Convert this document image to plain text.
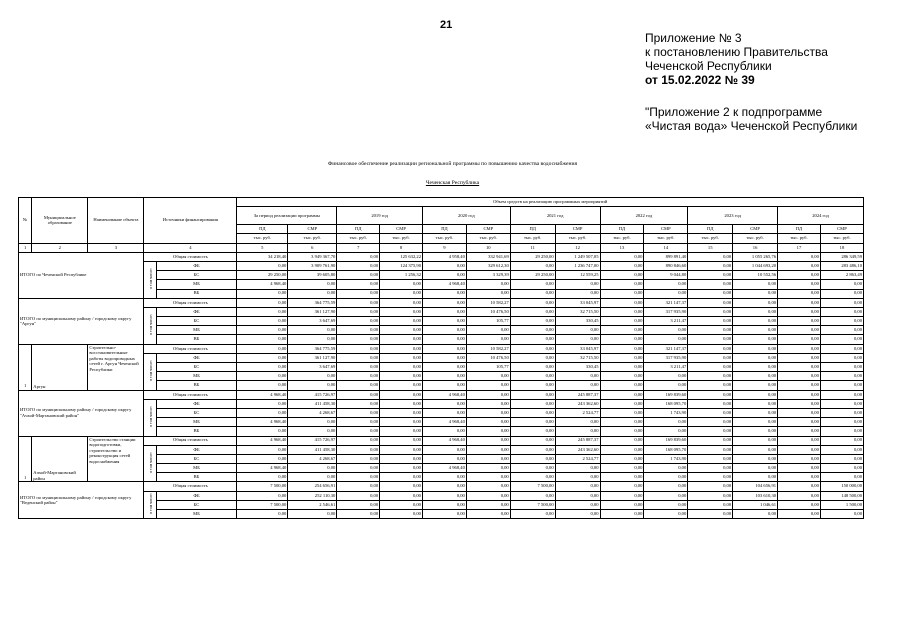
21
Приложение № 3
к постановлению Правительства
Чеченской Республики
от 15.02.2022 № 39
"Приложение 2 к подпрограмме
«Чистая вода» Чеченской Республики
Финансовое обеспечение реализации региональной программы по повышению качества водоснабжения
Чеченская Республика
№	Муниципальное образование	Наименование объекта	Источники финансирования		Объем средств на реализацию программных мероприятий													
					За период реализации программы		2019 год		2020 год		2021 год		2022 год		2023 год		2024 год	
					ПД	СМР	ПД	СМР	ПД	СМР	ПД	СМР	ПД	СМР	ПД	СМР	ПД	СМР
					тыс. руб.	тыс. руб.	тыс. руб.	тыс. руб.	тыс. руб.	тыс. руб.	тыс. руб.	тыс. руб.	тыс. руб.	тыс. руб.	тыс. руб.	тыс. руб.	тыс. руб.	тыс. руб.
1	2	3	4		5	6	7	8	9	10	11	12	13	14	15	16	17	18
ИТОГО по Чеченской Республике			Общая стоимость		34 218,40	3 949 367,70	0,00	125 632,22	4 958,40	332 941,69	29 250,00	1 249 507,05	0,00	899 891,40	0,00	1 055 265,76	0,00	286 349,59
			в том числе:	ФБ	0,00	3 909 761,90	0,00	124 375,90	0,00	329 612,30	0,00	1 236 747,00	0,00	890 846,60	0,00	1 044 693,20	0,00	283 486,10
				БС	29 250,00	39 605,80	0,00	1 256,32	0,00	3 329,39	29 250,00	12 559,25	0,00	9 044,80	0,00	10 552,56	0,00	2 863,49
				МБ	4 968,40	0,00	0,00	0,00	4 968,40	0,00	0,00	0,00	0,00	0,00	0,00	0,00	0,00	0,00
				ВБ	0,00	0,00	0,00	0,00	0,00	0,00	0,00	0,00	0,00	0,00	0,00	0,00	0,00	0,00
ИТОГО по муниципальному району / городскому округу "Аргун"			Общая стоимость		0,00	364 775,59	0,00	0,00	0,00	10 582,27	0,00	33 045,97	0,00	321 147,37	0,00	0,00	0,00	0,00
			в том числе:	ФБ	0,00	361 127,90	0,00	0,00	0,00	10 476,50	0,00	32 715,50	0,00	317 935,90	0,00	0,00	0,00	0,00
				БС	0,00	3 647,69	0,00	0,00	0,00	105,77	0,00	330,45	0,00	3 211,47	0,00	0,00	0,00	0,00
				МБ	0,00	0,00	0,00	0,00	0,00	0,00	0,00	0,00	0,00	0,00	0,00	0,00	0,00	0,00
				ВБ	0,00	0,00	0,00	0,00	0,00	0,00	0,00	0,00	0,00	0,00	0,00	0,00	0,00	0,00
1	Аргун	Строительно-восстановительные работы водопроводных сетей г. Аргун Чеченской Республики	Общая стоимость		0,00	364 775,59	0,00	0,00	0,00	10 582,27	0,00	33 045,97	0,00	321 147,37	0,00	0,00	0,00	0,00
			в том числе:	ФБ	0,00	361 127,90	0,00	0,00	0,00	10 476,50	0,00	32 715,50	0,00	317 935,90	0,00	0,00	0,00	0,00
				БС	0,00	3 647,69	0,00	0,00	0,00	105,77	0,00	330,45	0,00	3 211,47	0,00	0,00	0,00	0,00
				МБ	0,00	0,00	0,00	0,00	0,00	0,00	0,00	0,00	0,00	0,00	0,00	0,00	0,00	0,00
				ВБ	0,00	0,00	0,00	0,00	0,00	0,00	0,00	0,00	0,00	0,00	0,00	0,00	0,00	0,00
ИТОГО по муниципальному району / городскому округу "Ачхой-Мартановский район"			Общая стоимость		4 968,40	415 726,97	0,00	0,00	4 968,40	0,00	0,00	245 887,37	0,00	169 839,60	0,00	0,00	0,00	0,00
			в том числе:	ФБ	0,00	411 458,30	0,00	0,00	0,00	0,00	0,00	243 362,60	0,00	168 095,70	0,00	0,00	0,00	0,00
				БС	0,00	4 268,67	0,00	0,00	0,00	0,00	0,00	2 524,77	0,00	1 743,90	0,00	0,00	0,00	0,00
				МБ	4 968,40	0,00	0,00	0,00	4 968,40	0,00	0,00	0,00	0,00	0,00	0,00	0,00	0,00	0,00
				ВБ	0,00	0,00	0,00	0,00	0,00	0,00	0,00	0,00	0,00	0,00	0,00	0,00	0,00	0,00
1	Ачхой-Мартановский район	Строительство станции водоподготовки, строительство и реконструкция сетей водоснабжения	Общая стоимость		4 968,40	415 726,97	0,00	0,00	4 968,40	0,00	0,00	245 887,37	0,00	169 839,60	0,00	0,00	0,00	0,00
			в том числе:	ФБ	0,00	411 458,30	0,00	0,00	0,00	0,00	0,00	243 362,60	0,00	168 095,70	0,00	0,00	0,00	0,00
				БС	0,00	4 268,67	0,00	0,00	0,00	0,00	0,00	2 524,77	0,00	1 743,90	0,00	0,00	0,00	0,00
				МБ	4 968,40	0,00	0,00	0,00	4 968,40	0,00	0,00	0,00	0,00	0,00	0,00	0,00	0,00	0,00
				ВБ	0,00	0,00	0,00	0,00	0,00	0,00	0,00	0,00	0,00	0,00	0,00	0,00	0,00	0,00
ИТОГО по муниципальному району / городскому округу "Веденский район"			Общая стоимость		7 500,00	254 656,91	0,00	0,00	0,00	0,00	7 500,00	0,00	0,00	0,00	0,00	104 656,91	0,00	150 000,00
			в том числе:	ФБ	0,00	252 110,30	0,00	0,00	0,00	0,00	0,00	0,00	0,00	0,00	0,00	103 610,30	0,00	148 500,00
				БС	7 500,00	2 546,61	0,00	0,00	0,00	0,00	7 500,00	0,00	0,00	0,00	0,00	1 046,61	0,00	1 500,00
				МБ	0,00	0,00	0,00	0,00	0,00	0,00	0,00	0,00	0,00	0,00	0,00	0,00	0,00	0,00
